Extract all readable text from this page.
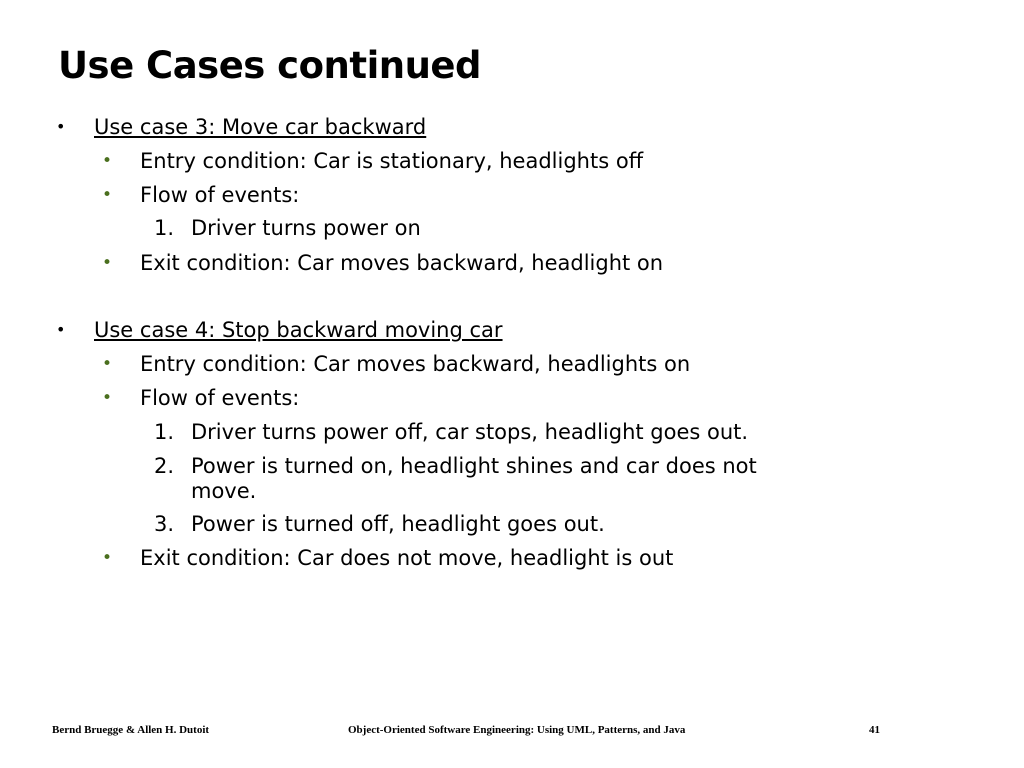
Use Cases continued
• Use case 3: Move car backward
• Entry condition: Car is stationary, headlights off
• Flow of events:
1. Driver turns power on
• Exit condition: Car moves backward, headlight on
• Use case 4: Stop backward moving car
• Entry condition: Car moves backward, headlights on
• Flow of events:
1. Driver turns power off, car stops, headlight goes out.
2. Power is turned on, headlight shines and car does not
move.
3. Power is turned off, headlight goes out.
• Exit condition: Car does not move, headlight is out
Bernd Bruegge & Allen H. Dutoit	Object-Oriented Software Engineering: Using UML, Patterns, and Java	41
